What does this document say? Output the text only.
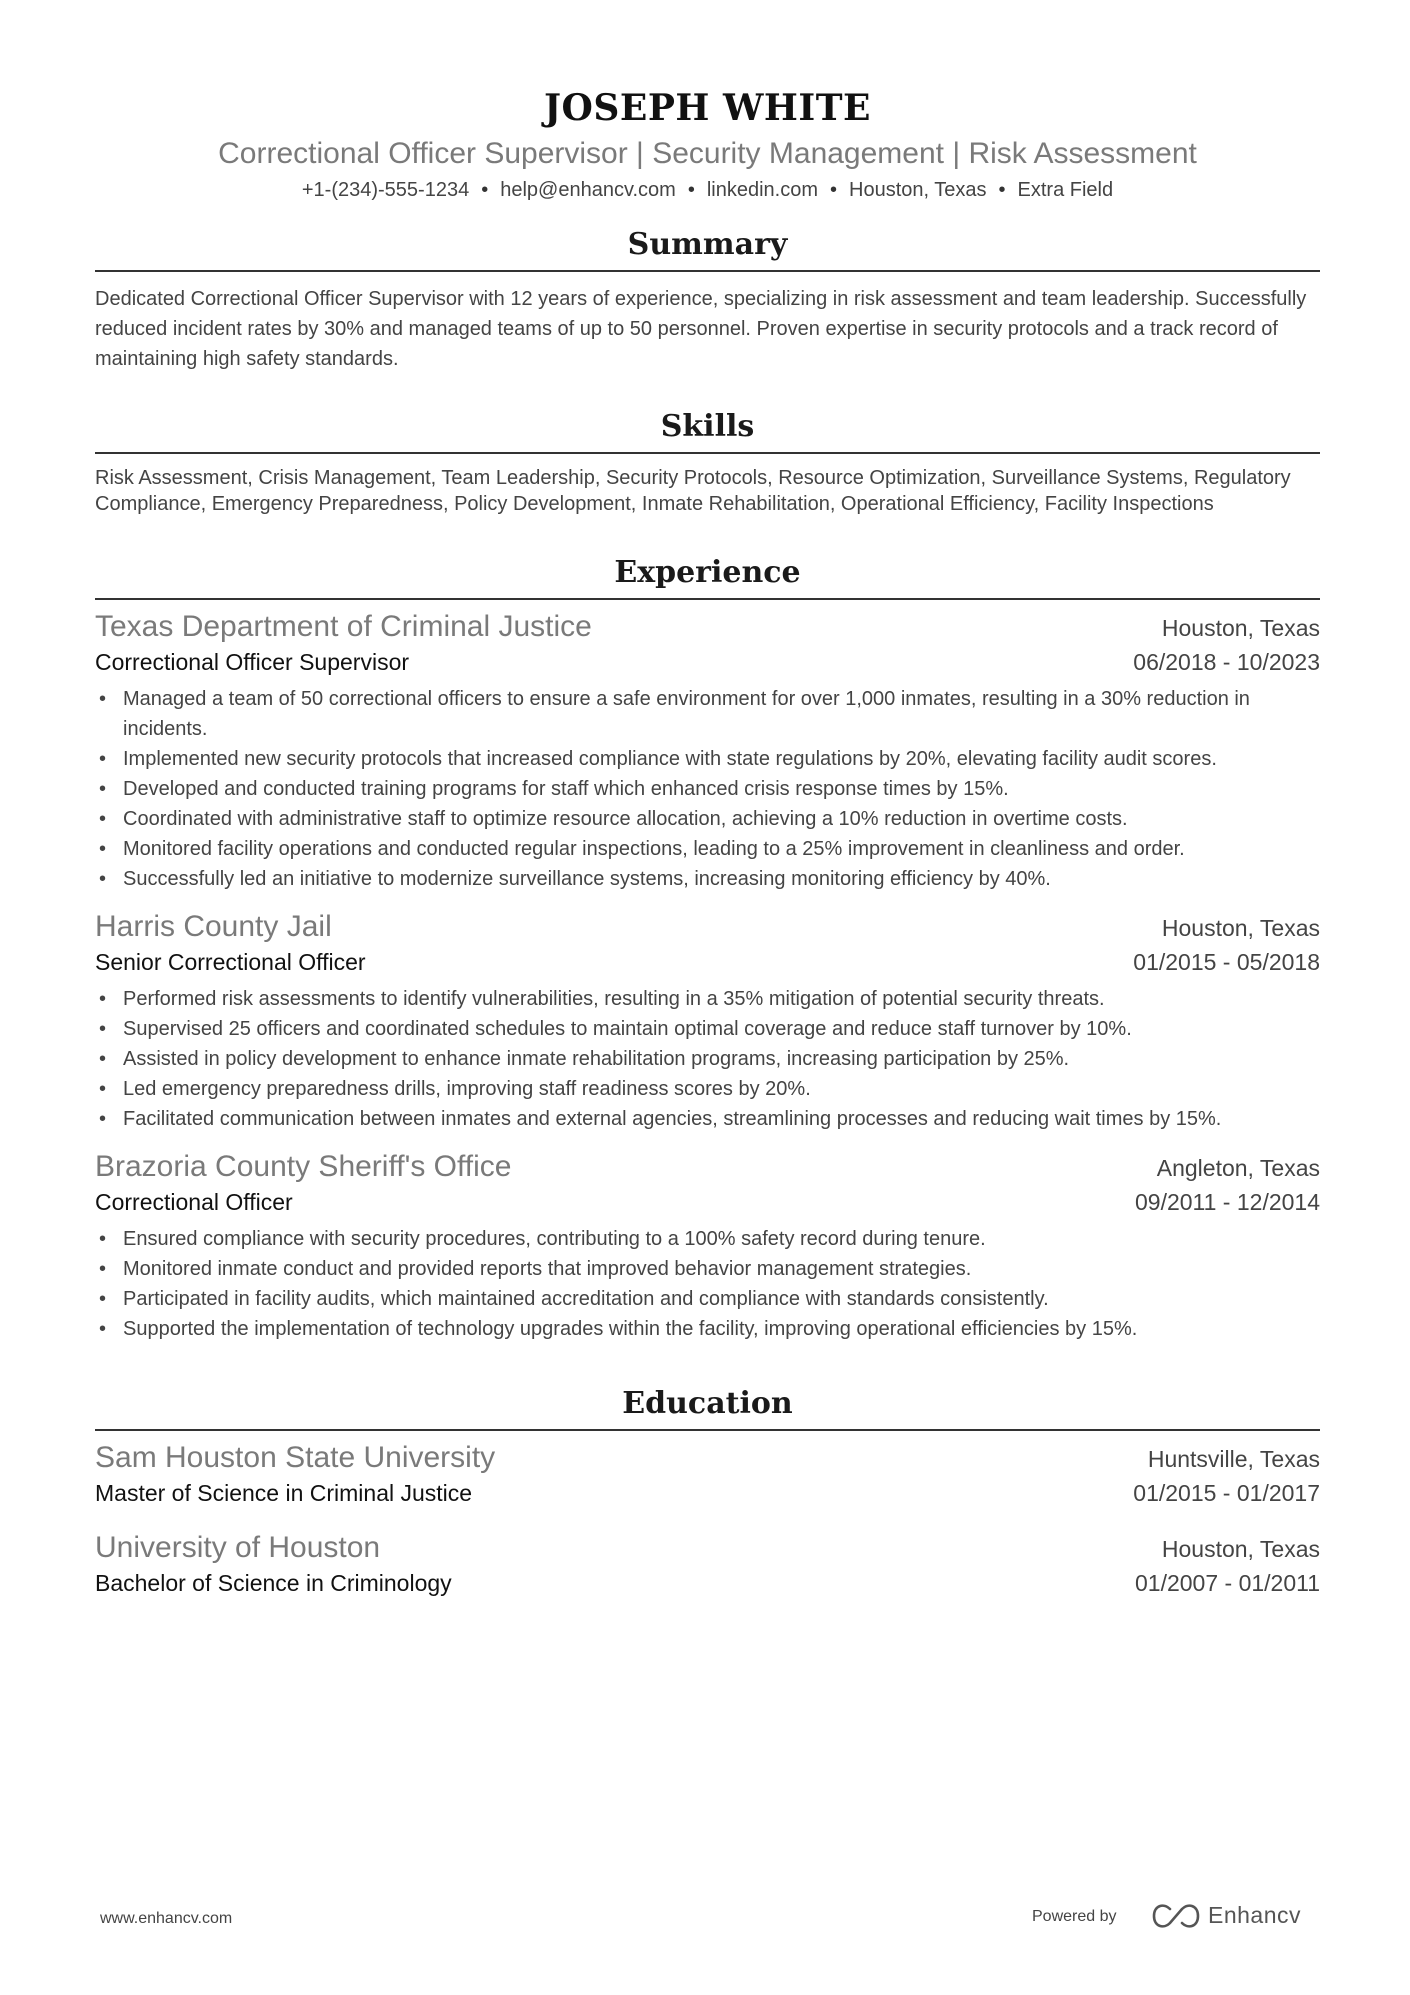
JOSEPH WHITE
Correctional Officer Supervisor | Security Management | Risk Assessment
+1-(234)-555-1234 • help@enhancv.com • linkedin.com • Houston, Texas • Extra Field
Summary
Dedicated Correctional Officer Supervisor with 12 years of experience, specializing in risk assessment and team leadership. Successfully reduced incident rates by 30% and managed teams of up to 50 personnel. Proven expertise in security protocols and a track record of maintaining high safety standards.
Skills
Risk Assessment, Crisis Management, Team Leadership, Security Protocols, Resource Optimization, Surveillance Systems, Regulatory Compliance, Emergency Preparedness, Policy Development, Inmate Rehabilitation, Operational Efficiency, Facility Inspections
Experience
Texas Department of Criminal Justice	Houston, Texas
Correctional Officer Supervisor	06/2018 - 10/2023
• Managed a team of 50 correctional officers to ensure a safe environment for over 1,000 inmates, resulting in a 30% reduction in incidents.
• Implemented new security protocols that increased compliance with state regulations by 20%, elevating facility audit scores.
• Developed and conducted training programs for staff which enhanced crisis response times by 15%.
• Coordinated with administrative staff to optimize resource allocation, achieving a 10% reduction in overtime costs.
• Monitored facility operations and conducted regular inspections, leading to a 25% improvement in cleanliness and order.
• Successfully led an initiative to modernize surveillance systems, increasing monitoring efficiency by 40%.
Harris County Jail	Houston, Texas
Senior Correctional Officer	01/2015 - 05/2018
• Performed risk assessments to identify vulnerabilities, resulting in a 35% mitigation of potential security threats.
• Supervised 25 officers and coordinated schedules to maintain optimal coverage and reduce staff turnover by 10%.
• Assisted in policy development to enhance inmate rehabilitation programs, increasing participation by 25%.
• Led emergency preparedness drills, improving staff readiness scores by 20%.
• Facilitated communication between inmates and external agencies, streamlining processes and reducing wait times by 15%.
Brazoria County Sheriff's Office	Angleton, Texas
Correctional Officer	09/2011 - 12/2014
• Ensured compliance with security procedures, contributing to a 100% safety record during tenure.
• Monitored inmate conduct and provided reports that improved behavior management strategies.
• Participated in facility audits, which maintained accreditation and compliance with standards consistently.
• Supported the implementation of technology upgrades within the facility, improving operational efficiencies by 15%.
Education
Sam Houston State University	Huntsville, Texas
Master of Science in Criminal Justice	01/2015 - 01/2017
University of Houston	Houston, Texas
Bachelor of Science in Criminology	01/2007 - 01/2011
www.enhancv.com	Powered by	Enhancv
